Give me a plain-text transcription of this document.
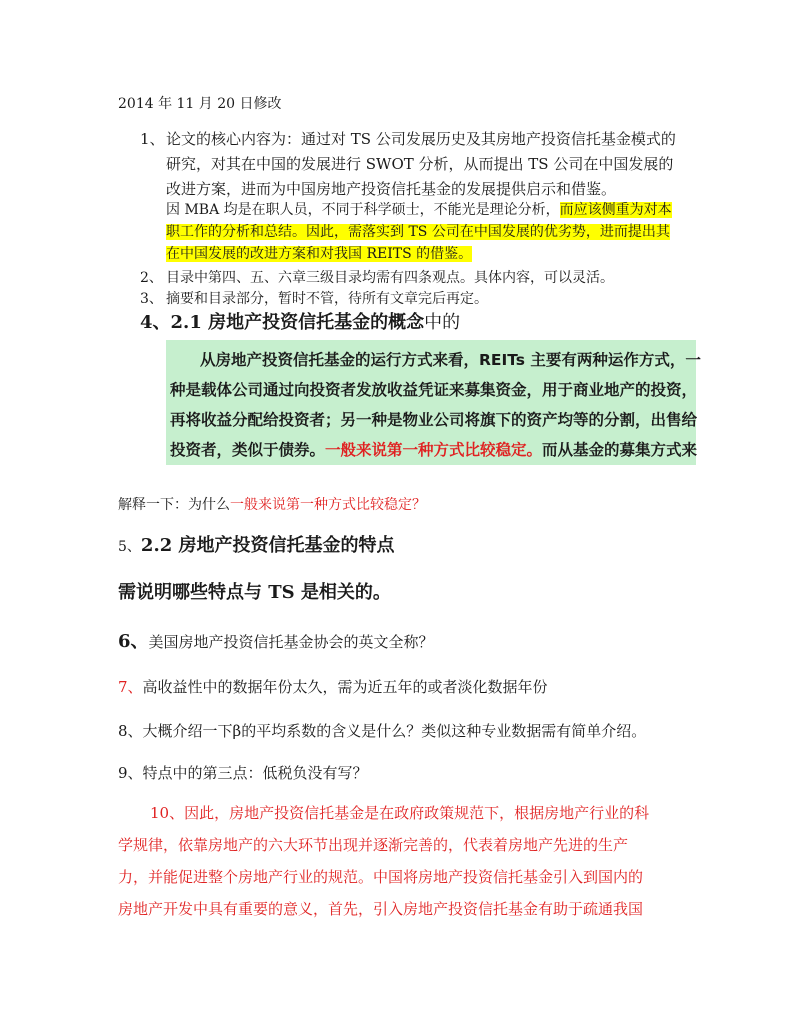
2014 年 11 月 20 日修改
1、 论文的核心内容为：通过对 TS 公司发展历史及其房地产投资信托基金模式的
研究，对其在中国的发展进行 SWOT 分析，从而提出 TS 公司在中国发展的
改进方案，进而为中国房地产投资信托基金的发展提供启示和借鉴。
因 MBA 均是在职人员，不同于科学硕士，不能光是理论分析，而应该侧重为对本
职工作的分析和总结。因此，需落实到 TS 公司在中国发展的优劣势，进而提出其
在中国发展的改进方案和对我国 REITS 的借鉴。
2、 目录中第四、五、六章三级目录均需有四条观点。具体内容，可以灵活。
3、 摘要和目录部分，暂时不管，待所有文章完后再定。
4、2.1 房地产投资信托基金的概念中的
从房地产投资信托基金的运行方式来看，REITs 主要有两种运作方式，一
种是载体公司通过向投资者发放收益凭证来募集资金，用于商业地产的投资，
再将收益分配给投资者；另一种是物业公司将旗下的资产均等的分割，出售给
投资者，类似于债券。一般来说第一种方式比较稳定。而从基金的募集方式来
解释一下：为什么一般来说第一种方式比较稳定？
5、2.2 房地产投资信托基金的特点
需说明哪些特点与 TS 是相关的。
6、美国房地产投资信托基金协会的英文全称？
7、高收益性中的数据年份太久，需为近五年的或者淡化数据年份
8、大概介绍一下β的平均系数的含义是什么？类似这种专业数据需有简单介绍。
9、特点中的第三点：低税负没有写？
10、因此，房地产投资信托基金是在政府政策规范下，根据房地产行业的科
学规律，依靠房地产的六大环节出现并逐渐完善的，代表着房地产先进的生产
力，并能促进整个房地产行业的规范。中国将房地产投资信托基金引入到国内的
房地产开发中具有重要的意义，首先，引入房地产投资信托基金有助于疏通我国
